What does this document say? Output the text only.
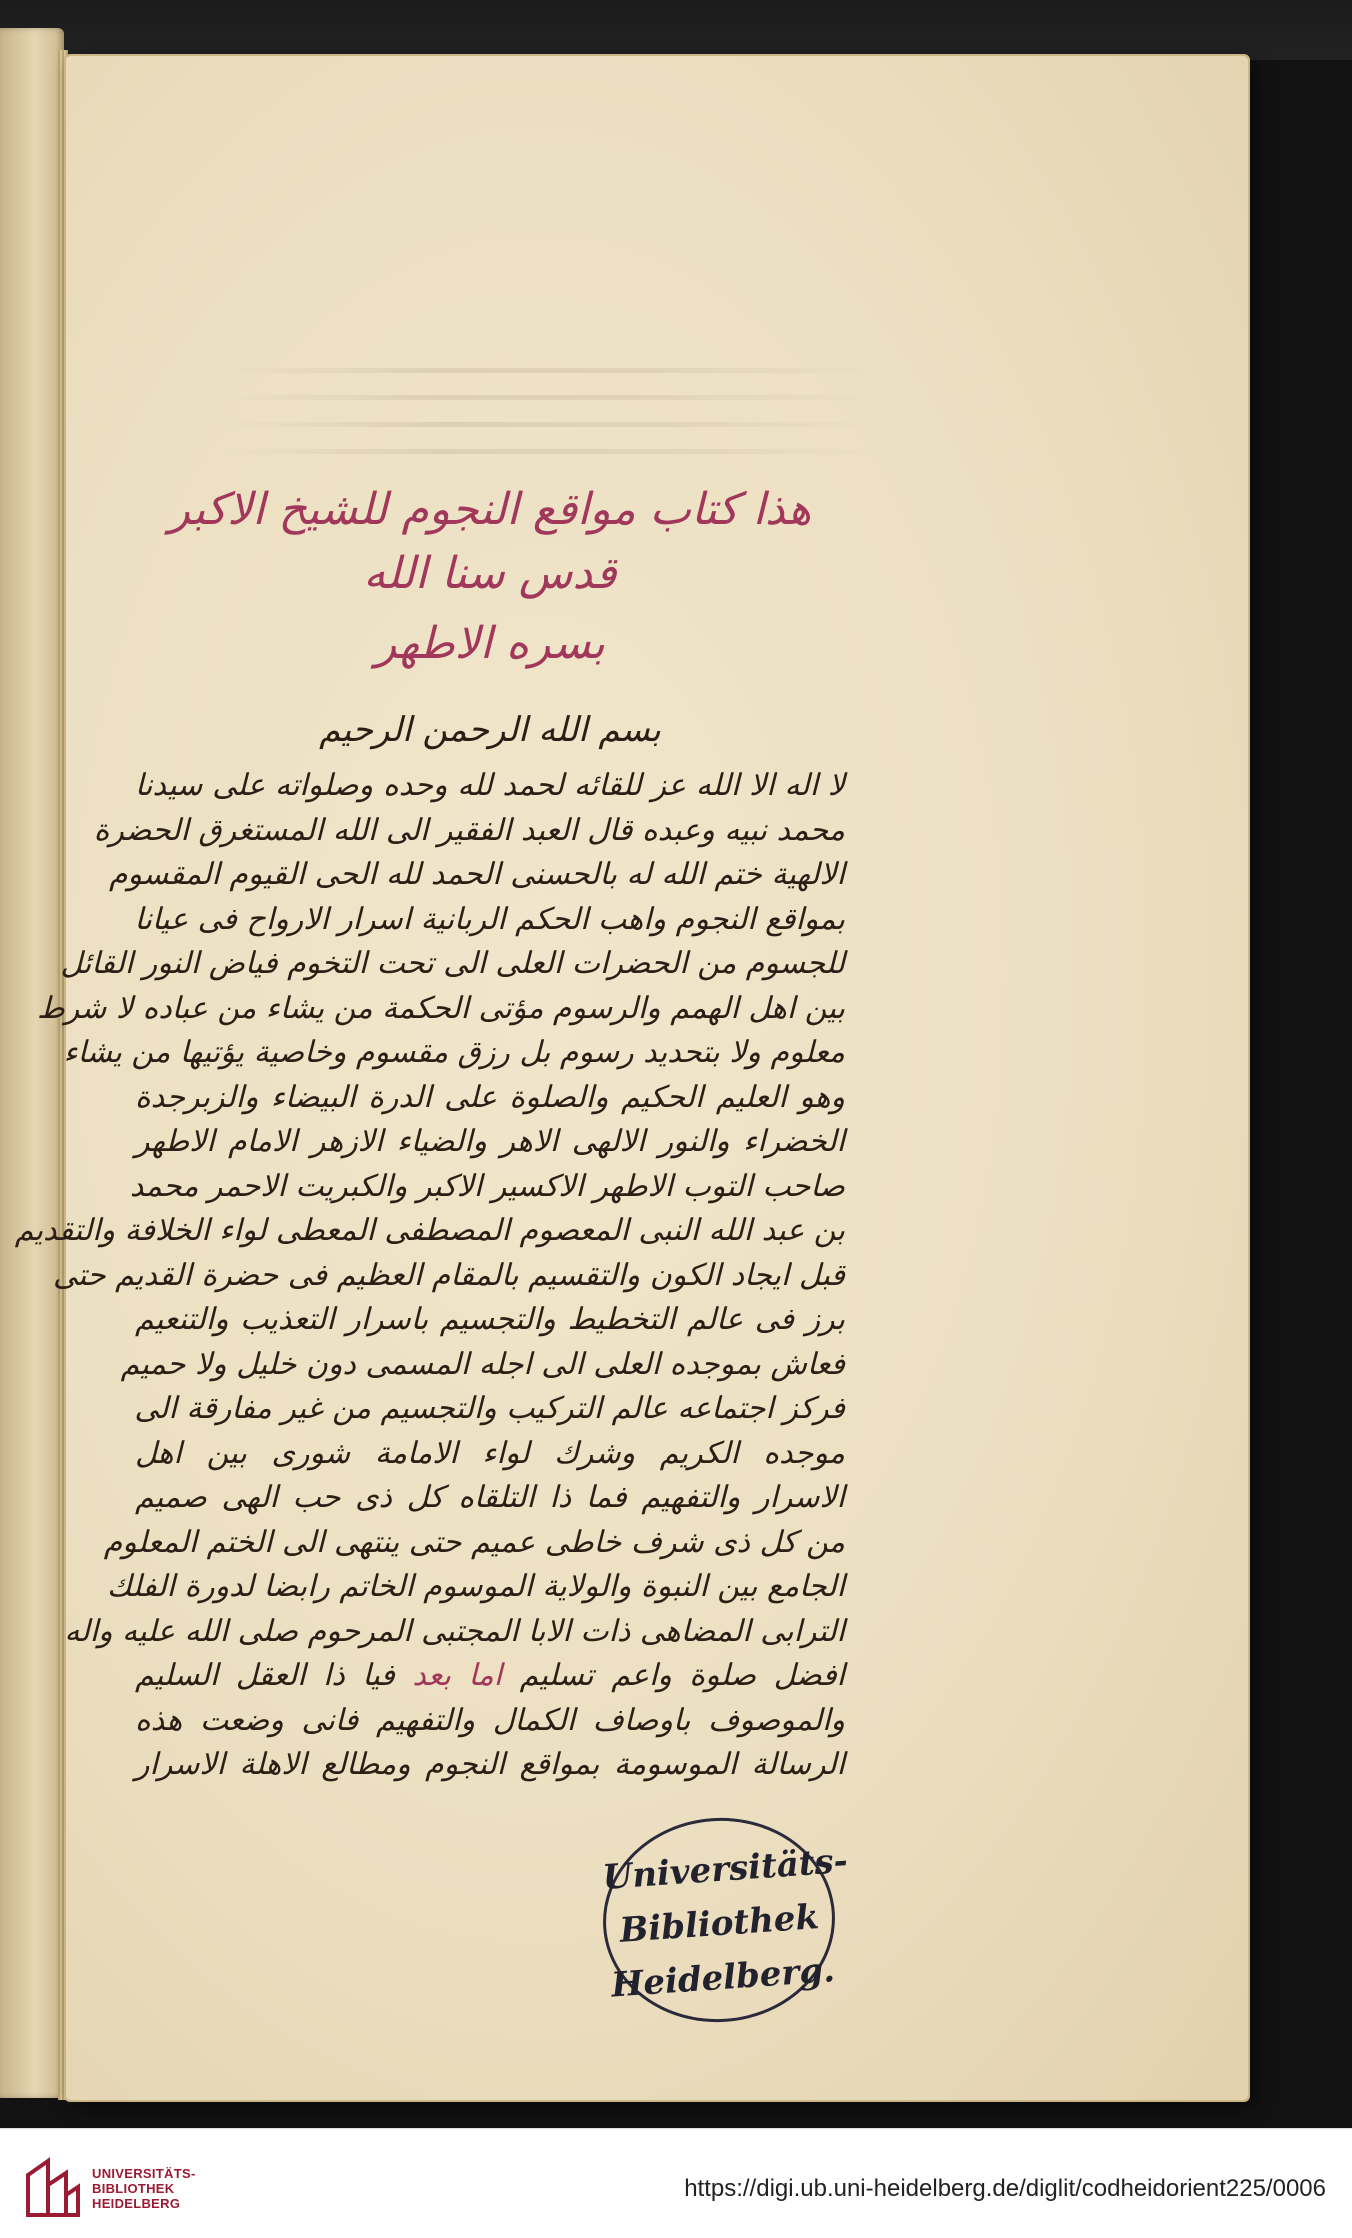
هذا كتاب مواقع النجوم للشيخ الاكبر قدس سنا الله
بسره الاطهر
بسم الله الرحمن الرحيم
لا اله الا الله عز للقائه لحمد لله وحده وصلواته على سيدنا
محمد نبيه وعبده قال العبد الفقير الى الله المستغرق الحضرة
الالهية ختم الله له بالحسنى الحمد لله الحى القيوم المقسوم
بمواقع النجوم واهب الحكم الربانية اسرار الارواح فى عيانا
للجسوم من الحضرات العلى الى تحت التخوم فياض النور القائل
بين اهل الهمم والرسوم مؤتى الحكمة من يشاء من عباده لا شرط
معلوم ولا بتحديد رسوم بل رزق مقسوم وخاصية يؤتيها من يشاء
وهو العليم الحكيم والصلوة على الدرة البيضاء والزبرجدة
الخضراء والنور الالهى الاهر والضياء الازهر الامام الاطهر
صاحب التوب الاطهر الاكسير الاكبر والكبريت الاحمر محمد
بن عبد الله النبى المعصوم المصطفى المعطى لواء الخلافة والتقديم
قبل ايجاد الكون والتقسيم بالمقام العظيم فى حضرة القديم حتى
برز فى عالم التخطيط والتجسيم باسرار التعذيب والتنعيم
فعاش بموجده العلى الى اجله المسمى دون خليل ولا حميم
فركز اجتماعه عالم التركيب والتجسيم من غير مفارقة الى
موجده الكريم وشرك لواء الامامة شورى بين اهل
الاسرار والتفهيم فما ذا التلقاه كل ذى حب الهى صميم
من كل ذى شرف خاطى عميم حتى ينتهى الى الختم المعلوم
الجامع بين النبوة والولاية الموسوم الخاتم رابضا لدورة الفلك
الترابى المضاهى ذات الابا المجتبى المرحوم صلى الله عليه واله
افضل صلوة واعم تسليم اما بعد فيا ذا العقل السليم
والموصوف باوصاف الكمال والتفهيم فانى وضعت هذه
الرسالة الموسومة بمواقع النجوم ومطالع الاهلة الاسرار
Universitäts-
Bibliothek
Heidelberg.
UNIVERSITÄTS-
BIBLIOTHEK
HEIDELBERG
https://digi.ub.uni-heidelberg.de/diglit/codheidorient225/0006
